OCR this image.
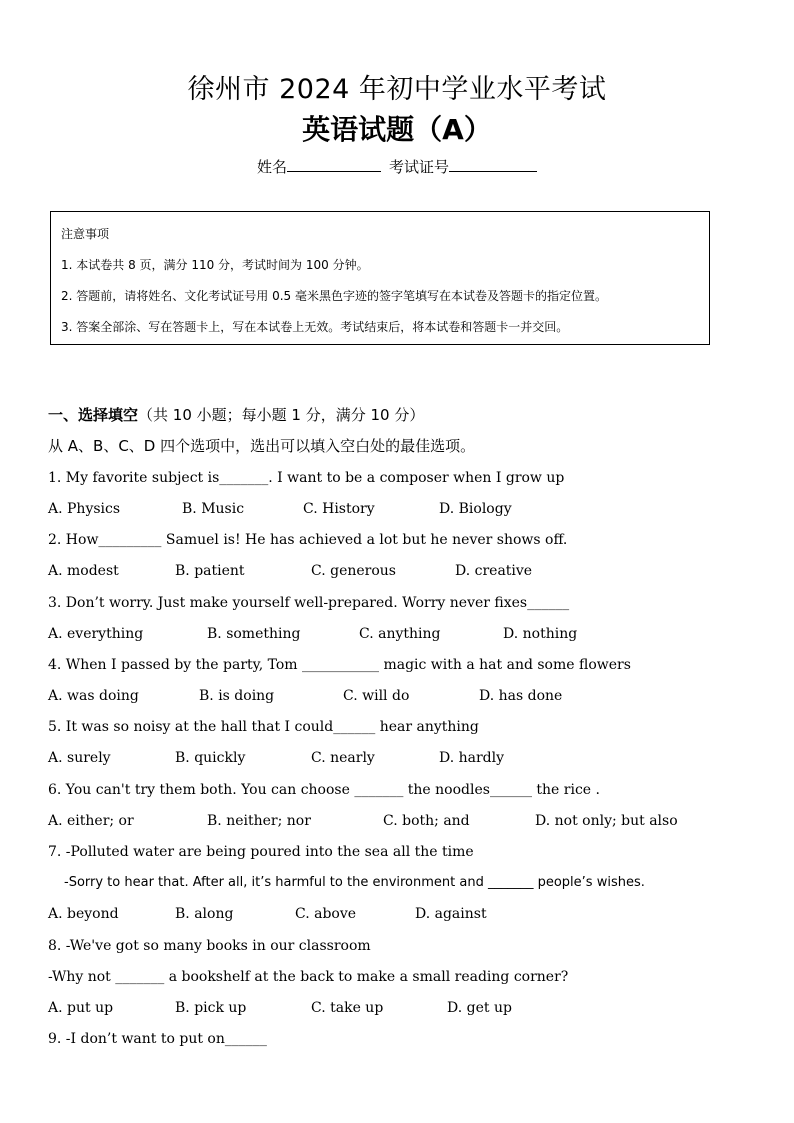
徐州市 2024 年初中学业水平考试
英语试题（A）
姓名	考试证号
注意事项
1. 本试卷共 8 页，满分 110 分，考试时间为 100 分钟。
2. 答题前，请将姓名、文化考试证号用 0.5 毫米黑色字迹的签字笔填写在本试卷及答题卡的指定位置。
3. 答案全部涂、写在答题卡上，写在本试卷上无效。考试结束后，将本试卷和答题卡一并交回。
一、选择填空（共 10 小题；每小题 1 分，满分 10 分）
从 A、B、C、D 四个选项中，选出可以填入空白处的最佳选项。
1. My favorite subject is_______. I want to be a composer when I grow up
A. Physics	B. Music	C. History	D. Biology
2. How_________ Samuel is! He has achieved a lot but he never shows off.
A. modest	B. patient	C. generous	D. creative
3. Don’t worry. Just make yourself well-prepared. Worry never fixes______
A. everything	B. something	C. anything	D. nothing
4. When I passed by the party, Tom ___________ magic with a hat and some flowers
A. was doing	B. is doing	C. will do	D. has done
5. It was so noisy at the hall that I could______ hear anything
A. surely	B. quickly	C. nearly	D. hardly
6. You can't try them both. You can choose _______ the noodles______ the rice .
A. either; or	B. neither; nor	C. both; and	D. not only; but also
7. -Polluted water are being poured into the sea all the time
-Sorry to hear that. After all, it’s harmful to the environment and _______ people’s wishes.
A. beyond	B. along	C. above	D. against
8. -We've got so many books in our classroom
-Why not _______ a bookshelf at the back to make a small reading corner?
A. put up	B. pick up	C. take up	D. get up
9. -I don’t want to put on______
